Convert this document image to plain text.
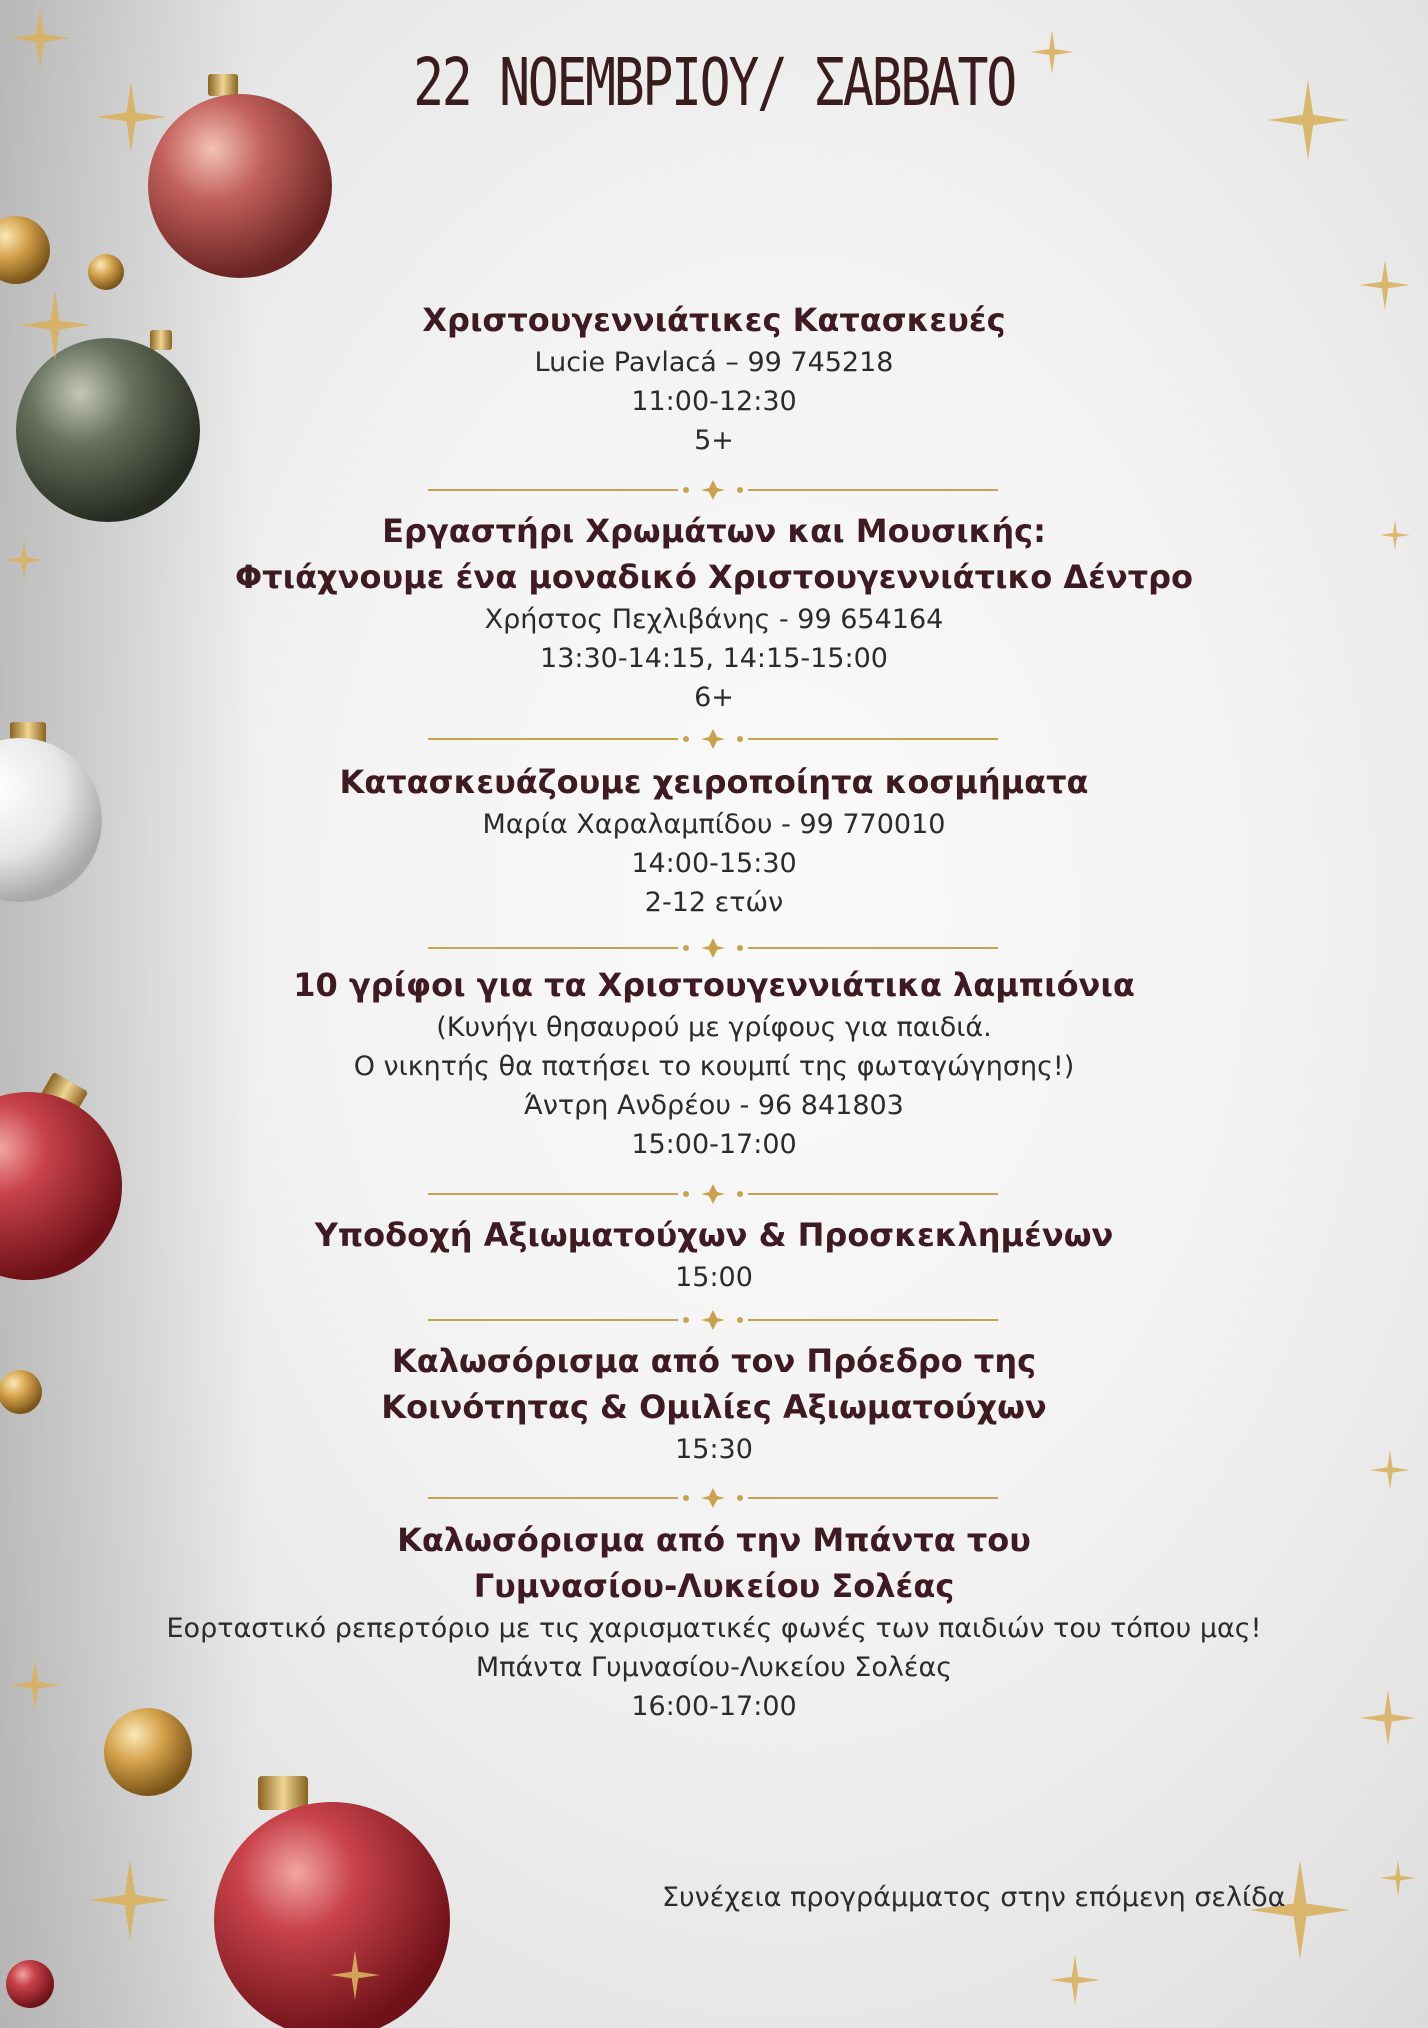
22 ΝΟΕΜΒΡΙΟΥ/ ΣΑΒΒΑΤΟ
Χριστουγεννιάτικες Κατασκευές
Lucie Pavlacá – 99 745218
11:00-12:30
5+
Εργαστήρι Χρωμάτων και Μουσικής:
Φτιάχνουμε ένα μοναδικό Χριστουγεννιάτικο Δέντρο
Χρήστος Πεχλιβάνης - 99 654164
13:30-14:15, 14:15-15:00
6+
Κατασκευάζουμε χειροποίητα κοσμήματα
Μαρία Χαραλαμπίδου - 99 770010
14:00-15:30
2-12 ετών
10 γρίφοι για τα Χριστουγεννιάτικα λαμπιόνια
(Κυνήγι θησαυρού με γρίφους για παιδιά.
Ο νικητής θα πατήσει το κουμπί της φωταγώγησης!)
Άντρη Ανδρέου - 96 841803
15:00-17:00
Υποδοχή Αξιωματούχων & Προσκεκλημένων
15:00
Καλωσόρισμα από τον Πρόεδρο της
Κοινότητας & Ομιλίες Αξιωματούχων
15:30
Καλωσόρισμα από την Μπάντα του
Γυμνασίου-Λυκείου Σολέας
Εορταστικό ρεπερτόριο με τις χαρισματικές φωνές των παιδιών του τόπου μας!
Μπάντα Γυμνασίου-Λυκείου Σολέας
16:00-17:00
Συνέχεια προγράμματος στην επόμενη σελίδα
